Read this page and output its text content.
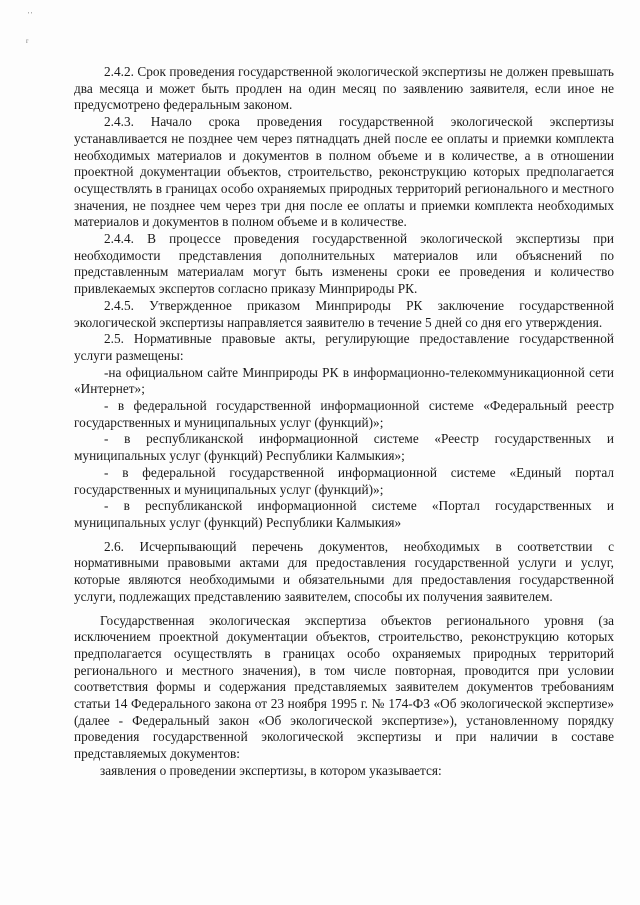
' '
r

2.4.2. Срок проведения государственной экологической экспертизы не должен превышать два месяца и может быть продлен на один месяц по заявлению заявителя, если иное не предусмотрено федеральным законом.

2.4.3. Начало срока проведения государственной экологической экспертизы устанавливается не позднее чем через пятнадцать дней после ее оплаты и приемки комплекта необходимых материалов и документов в полном объеме и в количестве, а в отношении проектной документации объектов, строительство, реконструкцию которых предполагается осуществлять в границах особо охраняемых природных территорий регионального и местного значения, не позднее чем через три дня после ее оплаты и приемки комплекта необходимых материалов и документов в полном объеме и в количестве.

2.4.4. В процессе проведения государственной экологической экспертизы при необходимости представления дополнительных материалов или объяснений по представленным материалам могут быть изменены сроки ее проведения и количество привлекаемых экспертов согласно приказу Минприроды РК.

2.4.5. Утвержденное приказом Минприроды РК заключение государственной экологической экспертизы направляется заявителю в течение 5 дней со дня его утверждения.

2.5. Нормативные правовые акты, регулирующие предоставление государственной услуги размещены:

-на официальном сайте Минприроды РК в информационно-телекоммуникационной сети «Интернет»;

- в федеральной государственной информационной системе «Федеральный реестр государственных и муниципальных услуг (функций)»;

- в республиканской информационной системе «Реестр государственных и муниципальных услуг (функций) Республики Калмыкия»;

- в федеральной государственной информационной системе «Единый портал государственных и муниципальных услуг (функций)»;

- в республиканской информационной системе «Портал государственных и муниципальных услуг (функций) Республики Калмыкия»

2.6. Исчерпывающий перечень документов, необходимых в соответствии с нормативными правовыми актами для предоставления государственной услуги и услуг, которые являются необходимыми и обязательными для предоставления государственной услуги, подлежащих представлению заявителем, способы их получения заявителем.

Государственная экологическая экспертиза объектов регионального уровня (за исключением проектной документации объектов, строительство, реконструкцию которых предполагается осуществлять в границах особо охраняемых природных территорий регионального и местного значения), в том числе повторная, проводится при условии соответствия формы и содержания представляемых заявителем документов требованиям статьи 14 Федерального закона от 23 ноября 1995 г. № 174-ФЗ «Об экологической экспертизе» (далее - Федеральный закон «Об экологической экспертизе»), установленному порядку проведения государственной экологической экспертизы и при наличии в составе представляемых документов:

заявления о проведении экспертизы, в котором указывается:
